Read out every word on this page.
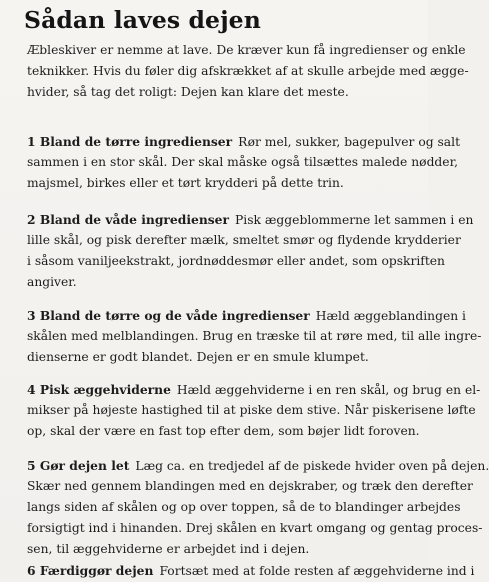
Sådan laves dejen
Æbleskiver er nemme at lave. De kræver kun få ingredienser og enkle
teknikker. Hvis du føler dig afskrækket af at skulle arbejde med ægge-
hvider, så tag det roligt: Dejen kan klare det meste.
1 Bland de tørre ingredienser Rør mel, sukker, bagepulver og salt
sammen i en stor skål. Der skal måske også tilsættes malede nødder,
majsmel, birkes eller et tørt krydderi på dette trin.
2 Bland de våde ingredienser Pisk æggeblommerne let sammen i en
lille skål, og pisk derefter mælk, smeltet smør og flydende krydderier
i såsom vaniljeekstrakt, jordnøddesmør eller andet, som opskriften
angiver.
3 Bland de tørre og de våde ingredienser Hæld æggeblandingen i
skålen med melblandingen. Brug en træske til at røre med, til alle ingre-
dienserne er godt blandet. Dejen er en smule klumpet.
4 Pisk æggehviderne Hæld æggehviderne i en ren skål, og brug en el-
mikser på højeste hastighed til at piske dem stive. Når piskerisene løfte
op, skal der være en fast top efter dem, som bøjer lidt foroven.
5 Gør dejen let Læg ca. en tredjedel af de piskede hvider oven på dejen.
Skær ned gennem blandingen med en dejskraber, og træk den derefter
langs siden af skålen og op over toppen, så de to blandinger arbejdes
forsigtigt ind i hinanden. Drej skålen en kvart omgang og gentag proces-
sen, til æggehviderne er arbejdet ind i dejen.
6 Færdiggør dejen Fortsæt med at folde resten af æggehviderne ind i
